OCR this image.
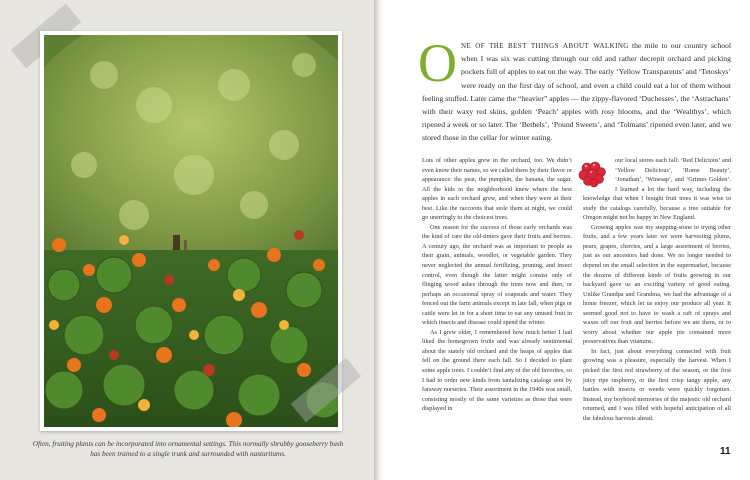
Often, fruiting plants can be incorporated into ornamental settings. This normally shrubby gooseberry bush has been trained to a single trunk and surrounded with nasturtiums.
O ne of the best things about walking the mile to our country school when I was six was cutting through our old and rather decrepit orchard and picking pockets full of apples to eat on the way. The early ‘Yellow Transparents’ and ‘Tetoskys’ were ready on the first day of school, and even a child could eat a lot of them without feeling stuffed. Later came the “heavier” apples — the zippy-flavored ‘Duchesses’, the ‘Astrachans’ with their waxy red skins, golden ‘Peach’ apples with rosy blooms, and the ‘Wealthys’, which ripened a week or so later. The ‘Bethels’, ‘Pound Sweets’, and ‘Tolmans’ ripened even later, and we stored those in the cellar for winter eating.

Lots of other apples grew in the orchard, too. We didn’t even know their names, so we called them by their flavor or appearance: the pear, the pumpkin, the banana, the sugar. All the kids in the neighborhood knew where the best apples in each orchard grew, and when they were at their best. Like the raccoons that stole them at night, we could go unerringly to the choicest trees.

One reason for the success of those early orchards was the kind of care the old-timers gave their fruits and berries. A century ago, the orchard was as important to people as their grain, animals, woodlot, or vegetable garden. They never neglected the annual fertilizing, pruning, and insect control, even though the latter might consist only of flinging wood ashes through the trees now and then, or perhaps an occasional spray of soapsuds and water. They fenced out the farm animals except in late fall, when pigs or cattle were let in for a short time to eat any unused fruit in which insects and disease could spend the winter.

As I grew older, I remembered how much better I had liked the homegrown fruits and was already sentimental about the stately old orchard and the heaps of apples that fell on the ground there each fall. So I decided to plant some apple trees. I couldn’t find any of the old favorites, so I had to order new kinds from tantalizing catalogs sent by faraway nurseries. Their assortment in the 1940s was small, consisting mostly of the same varieties as those that were displayed in

our local stores each fall: ‘Red Delicious’ and ‘Yellow Delicious’, ‘Rome Beauty’, ‘Jonathan’, ‘Winesap’, and ‘Grimes Golden’. I learned a lot the hard way, including the knowledge that when I bought fruit trees it was wise to study the catalogs carefully, because a tree suitable for Oregon might not be happy in New England.

Growing apples was my stepping-stone to trying other fruits, and a few years later we were harvesting plums, pears, grapes, cherries, and a large assortment of berries, just as our ancestors had done. We no longer needed to depend on the small selection in the supermarket, because the dozens of different kinds of fruits growing in our backyard gave us an exciting variety of good eating. Unlike Grandpa and Grandma, we had the advantage of a home freezer, which let us enjoy our produce all year. It seemed good not to have to wash a raft of sprays and waxes off our fruit and berries before we ate them, or to worry about whether our apple pie contained more preservatives than vitamins.

In fact, just about everything connected with fruit growing was a pleasure, especially the harvest. When I picked the first red strawberry of the season, or the first juicy ripe raspberry, or the first crisp tangy apple, any battles with insects or weeds were quickly forgotten. Instead, my boyhood memories of the majestic old orchard returned, and I was filled with hopeful anticipation of all the fabulous harvests ahead.

11
